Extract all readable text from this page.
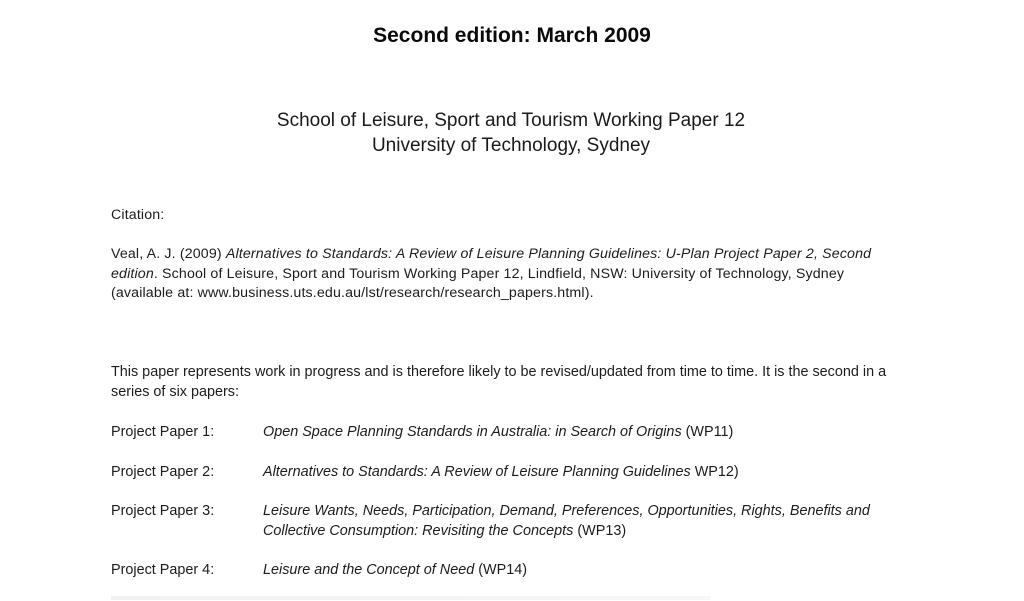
Second edition: March 2009
School of Leisure, Sport and Tourism Working Paper 12
University of Technology, Sydney
Citation:
Veal, A. J. (2009) Alternatives to Standards: A Review of Leisure Planning Guidelines: U-Plan Project Paper 2, Second edition. School of Leisure, Sport and Tourism Working Paper 12, Lindfield, NSW: University of Technology, Sydney (available at: www.business.uts.edu.au/lst/research/research_papers.html).
This paper represents work in progress and is therefore likely to be revised/updated from time to time. It is the second in a series of six papers:
Project Paper 1:	Open Space Planning Standards in Australia: in Search of Origins (WP11)
Project Paper 2:	Alternatives to Standards: A Review of Leisure Planning Guidelines WP12)
Project Paper 3:	Leisure Wants, Needs, Participation, Demand, Preferences, Opportunities, Rights, Benefits and Collective Consumption: Revisiting the Concepts (WP13)
Project Paper 4:	Leisure and the Concept of Need (WP14)
